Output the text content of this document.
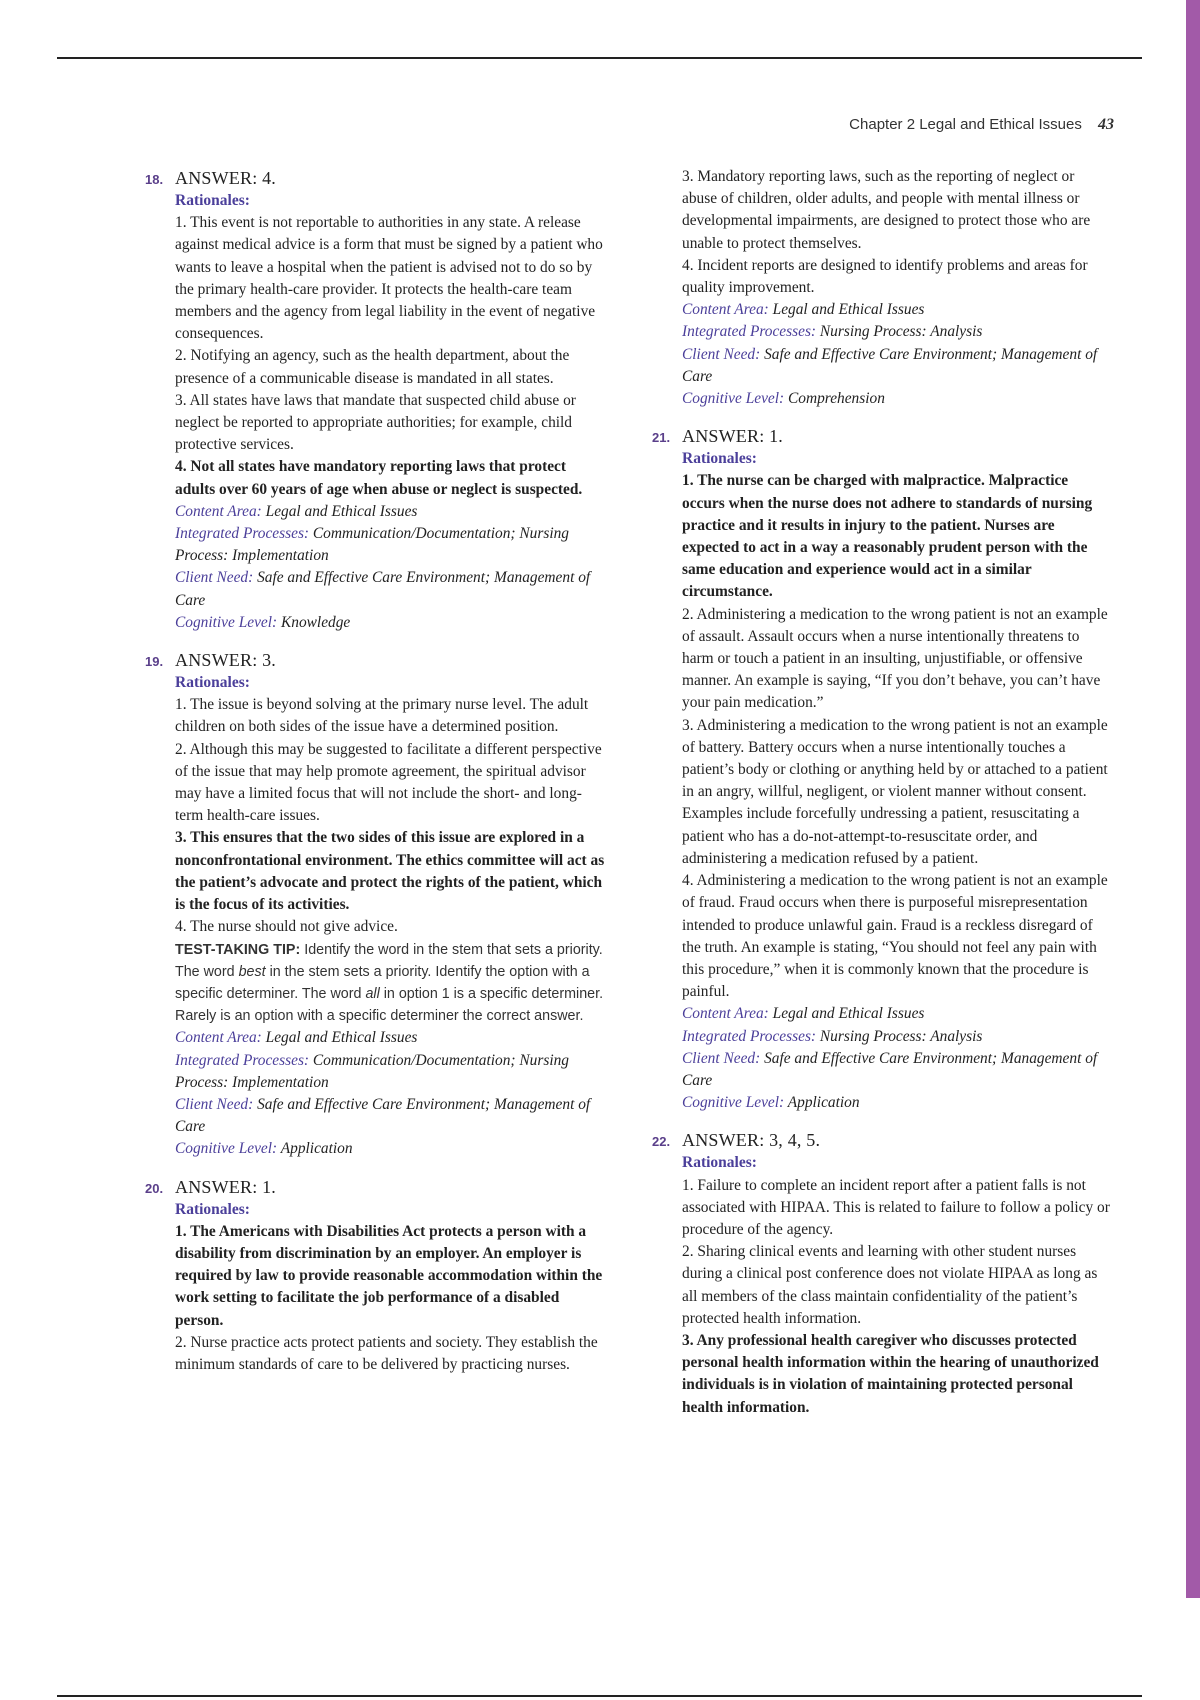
Chapter 2 Legal and Ethical Issues 43
18. ANSWER: 4.
Rationales:

1. This event is not reportable to authorities in any state. A release against medical advice is a form that must be signed by a patient who wants to leave a hospital when the patient is advised not to do so by the primary health-care provider. It protects the health-care team members and the agency from legal liability in the event of negative consequences.

2. Notifying an agency, such as the health department, about the presence of a communicable disease is mandated in all states.

3. All states have laws that mandate that suspected child abuse or neglect be reported to appropriate authorities; for example, child protective services.

4. Not all states have mandatory reporting laws that protect adults over 60 years of age when abuse or neglect is suspected.

Content Area: Legal and Ethical Issues

Integrated Processes: Communication/Documentation; Nursing Process: Implementation

Client Need: Safe and Effective Care Environment; Management of Care

Cognitive Level: Knowledge

19. ANSWER: 3.
Rationales:

1. The issue is beyond solving at the primary nurse level. The adult children on both sides of the issue have a determined position.

2. Although this may be suggested to facilitate a different perspective of the issue that may help promote agreement, the spiritual advisor may have a limited focus that will not include the short- and long-term health-care issues.

3. This ensures that the two sides of this issue are explored in a nonconfrontational environment. The ethics committee will act as the patient’s advocate and protect the rights of the patient, which is the focus of its activities.

4. The nurse should not give advice.

TEST-TAKING TIP: Identify the word in the stem that sets a priority. The word best in the stem sets a priority. Identify the option with a specific determiner. The word all in option 1 is a specific determiner. Rarely is an option with a specific determiner the correct answer.

Content Area: Legal and Ethical Issues

Integrated Processes: Communication/Documentation; Nursing Process: Implementation

Client Need: Safe and Effective Care Environment; Management of Care

Cognitive Level: Application

20. ANSWER: 1.
Rationales:

1. The Americans with Disabilities Act protects a person with a disability from discrimination by an employer. An employer is required by law to provide reasonable accommodation within the work setting to facilitate the job performance of a disabled person.

2. Nurse practice acts protect patients and society. They establish the minimum standards of care to be delivered by practicing nurses.

3. Mandatory reporting laws, such as the reporting of neglect or abuse of children, older adults, and people with mental illness or developmental impairments, are designed to protect those who are unable to protect themselves.

4. Incident reports are designed to identify problems and areas for quality improvement.

Content Area: Legal and Ethical Issues

Integrated Processes: Nursing Process: Analysis

Client Need: Safe and Effective Care Environment; Management of Care

Cognitive Level: Comprehension

21. ANSWER: 1.
Rationales:

1. The nurse can be charged with malpractice. Malpractice occurs when the nurse does not adhere to standards of nursing practice and it results in injury to the patient. Nurses are expected to act in a way a reasonably prudent person with the same education and experience would act in a similar circumstance.

2. Administering a medication to the wrong patient is not an example of assault. Assault occurs when a nurse intentionally threatens to harm or touch a patient in an insulting, unjustifiable, or offensive manner. An example is saying, “If you don’t behave, you can’t have your pain medication.”

3. Administering a medication to the wrong patient is not an example of battery. Battery occurs when a nurse intentionally touches a patient’s body or clothing or anything held by or attached to a patient in an angry, willful, negligent, or violent manner without consent. Examples include forcefully undressing a patient, resuscitating a patient who has a do-not-attempt-to-resuscitate order, and administering a medication refused by a patient.

4. Administering a medication to the wrong patient is not an example of fraud. Fraud occurs when there is purposeful misrepresentation intended to produce unlawful gain. Fraud is a reckless disregard of the truth. An example is stating, “You should not feel any pain with this procedure,” when it is commonly known that the procedure is painful.

Content Area: Legal and Ethical Issues

Integrated Processes: Nursing Process: Analysis

Client Need: Safe and Effective Care Environment; Management of Care

Cognitive Level: Application

22. ANSWER: 3, 4, 5.
Rationales:

1. Failure to complete an incident report after a patient falls is not associated with HIPAA. This is related to failure to follow a policy or procedure of the agency.

2. Sharing clinical events and learning with other student nurses during a clinical post conference does not violate HIPAA as long as all members of the class maintain confidentiality of the patient’s protected health information.

3. Any professional health caregiver who discusses protected personal health information within the hearing of unauthorized individuals is in violation of maintaining protected personal health information.
